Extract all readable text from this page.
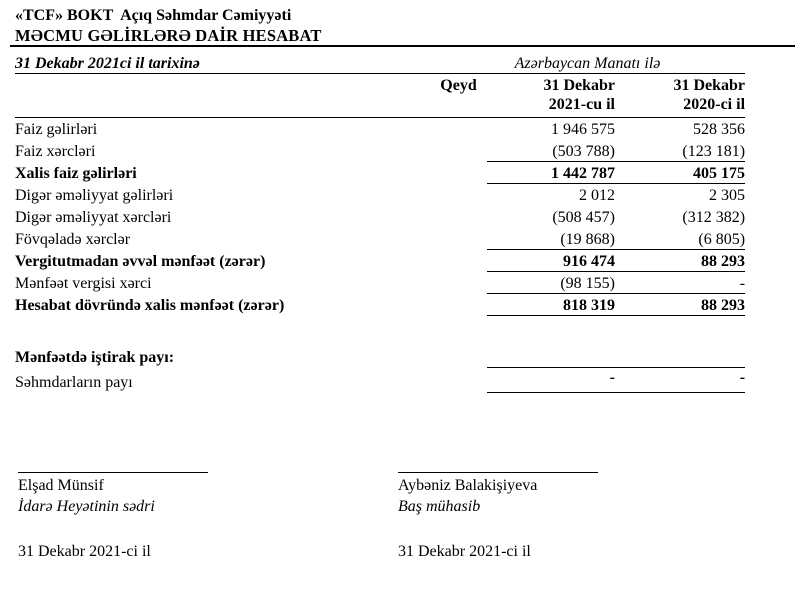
«TCF» BOKT  Açıq Səhmdar Cəmiyyəti
MƏCMU GƏLİRLƏRƏ DAİR HESABAT
31 Dekabr 2021ci il tarixinə	Azərbaycan Manatı ilə		
	Qeyd	31 Dekabr	31 Dekabr
		2021-cu il	2020-ci il
Faiz gəlirləri		1 946 575	528 356
Faiz xərcləri		(503 788)	(123 181)
Xalis faiz gəlirləri		1 442 787	405 175
Digər əməliyyat gəlirləri		2 012	2 305
Digər əməliyyat xərcləri		(508 457)	(312 382)
Fövqəladə xərclər		(19 868)	(6 805)
Vergitutmadan əvvəl mənfəət (zərər)		916 474	88 293
Mənfəət vergisi xərci		(98 155)	-
Hesabat dövründə xalis mənfəət (zərər)		818 319	88 293

Mənfəətdə iştirak payı:			
Səhmdarların payı		-	-
Elşad Münsif
İdarə Heyətinin sədri
31 Dekabr 2021-ci il
Aybəniz Balakişiyeva
Baş mühasib
31 Dekabr 2021-ci il
